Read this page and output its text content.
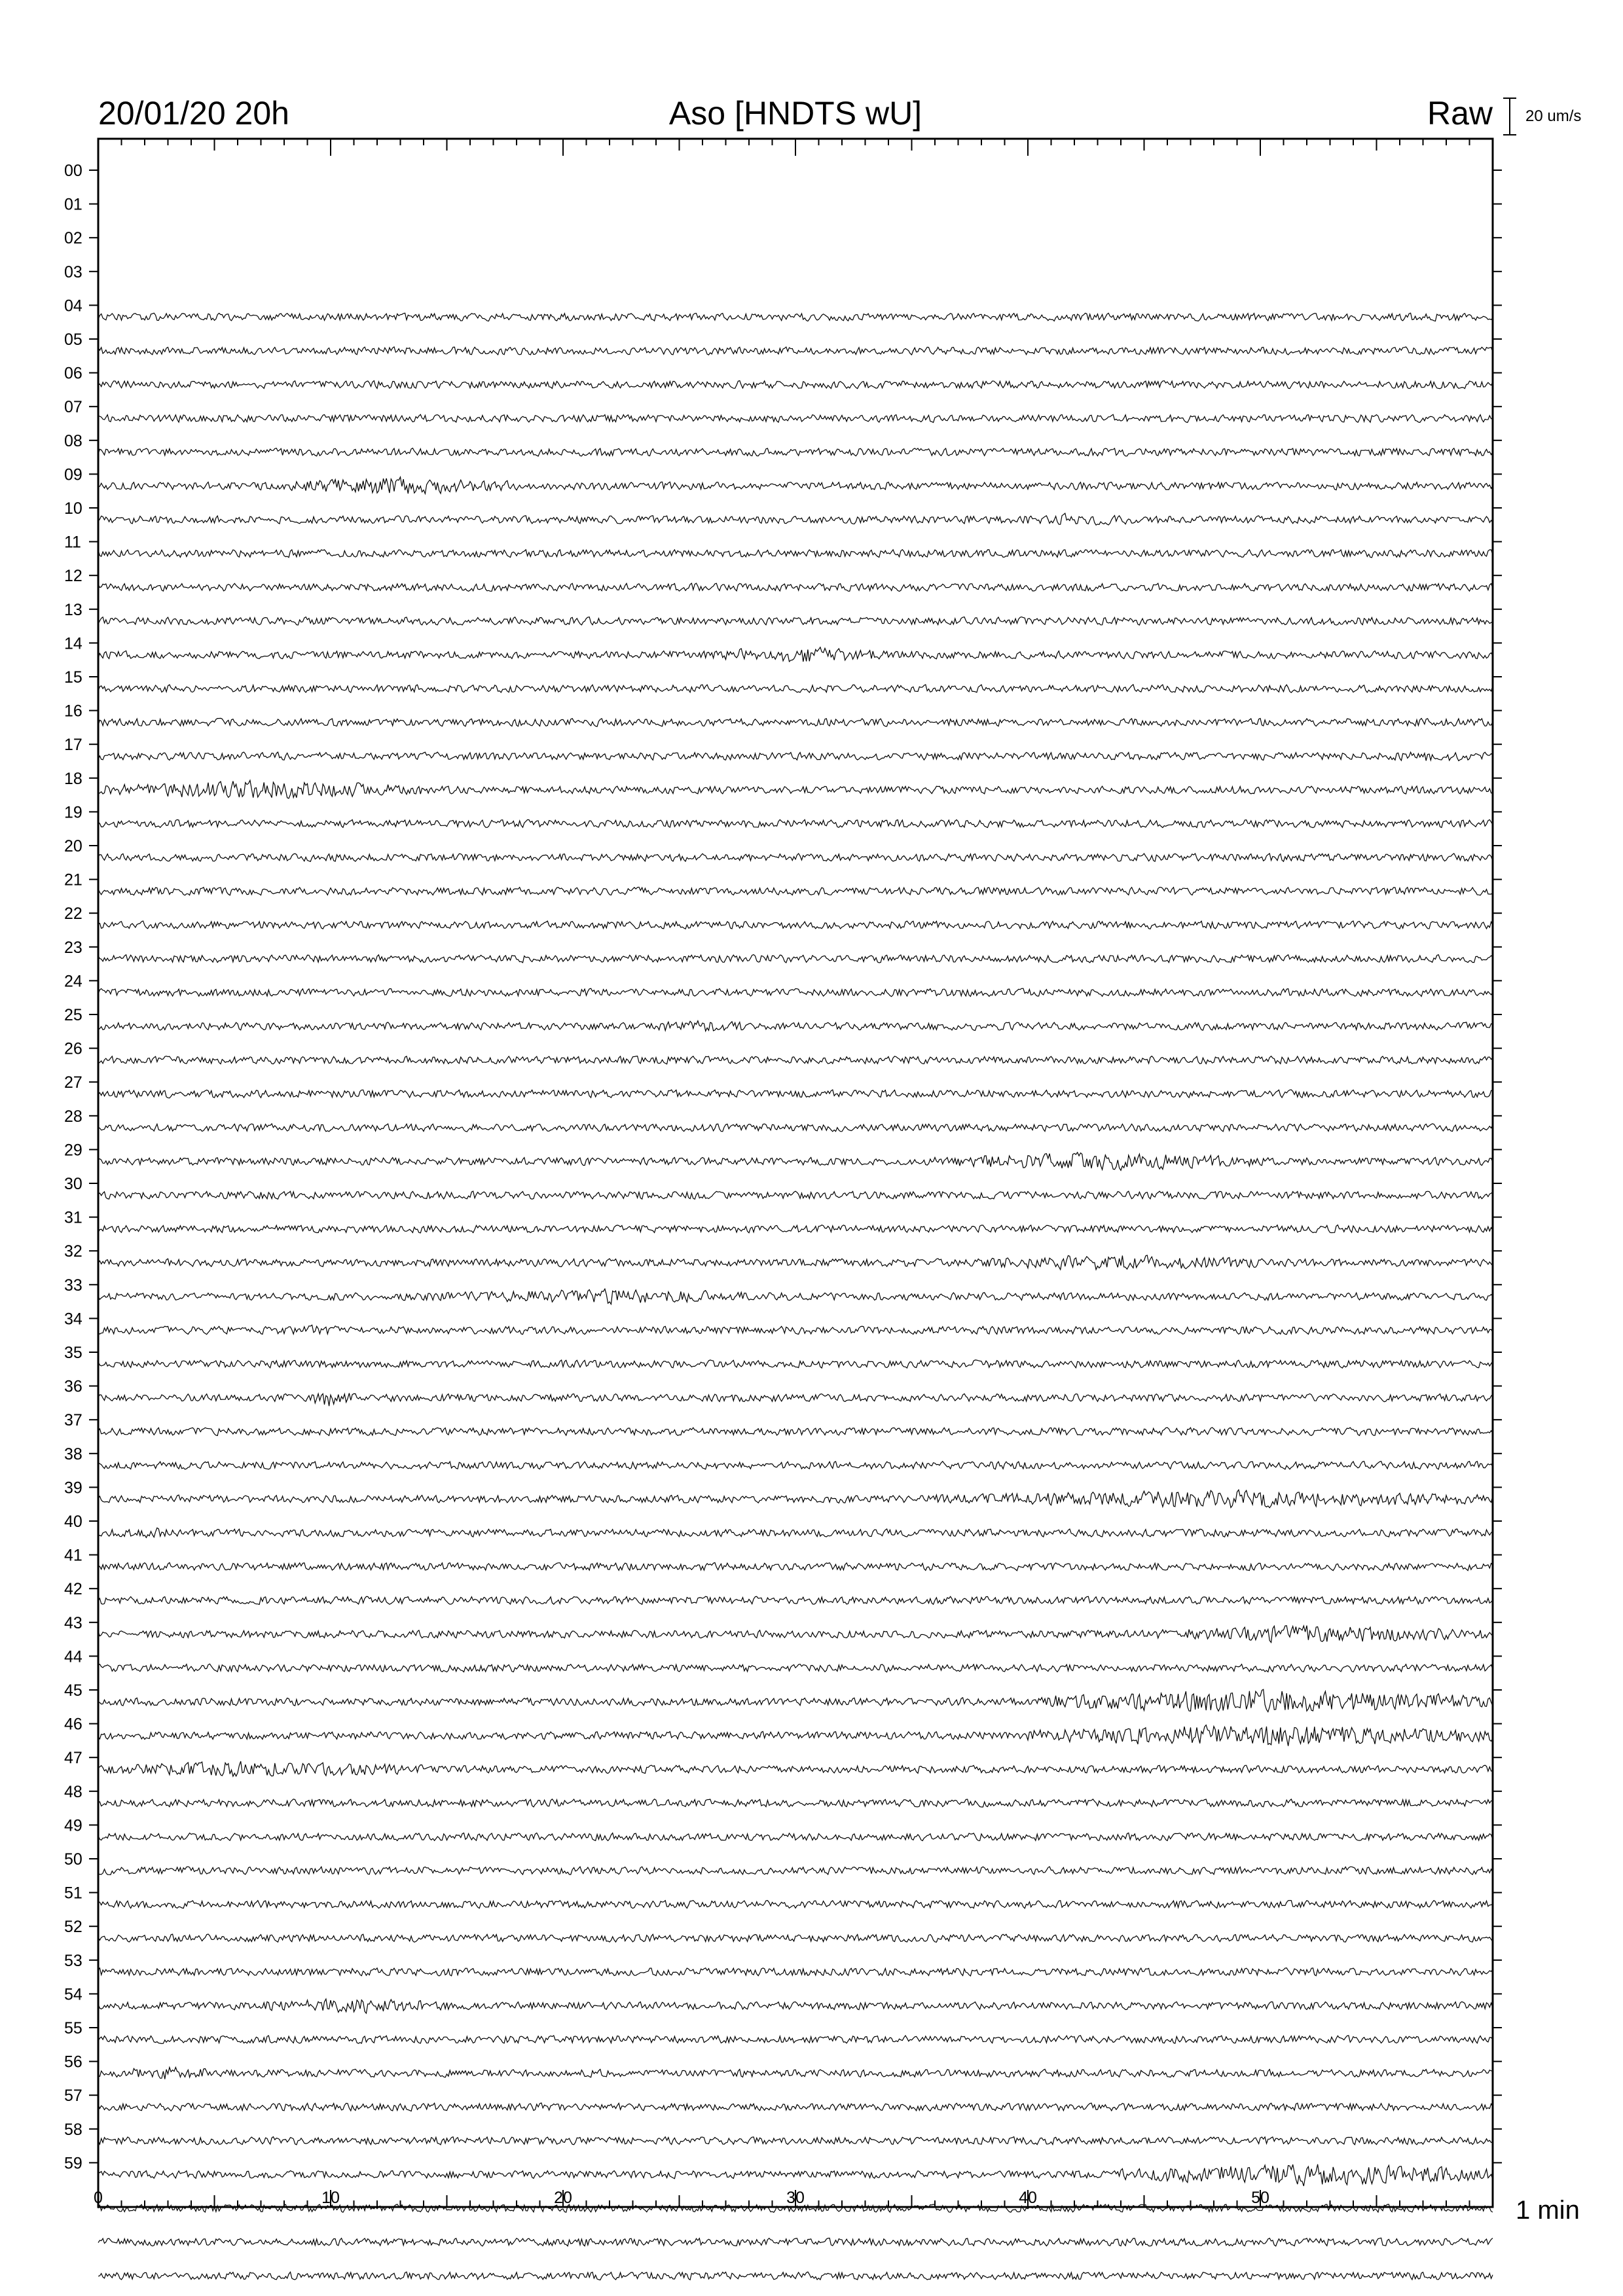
20/01/20 20h	Aso [HNDTS wU]	Raw 20 um/s
00
01
02
03
04
05
06
07
08
09
10
11
12
13
14
15
16
17
18
19
20
21
22
23
24
25
26
27
28
29
30
31
32
33
34
35
36
37
38
39
40
41
42
43
44
45
46
47
48
49
50
51
52
53
54
55
56
57
58
59
0	10	20	30	40	50	1 min
